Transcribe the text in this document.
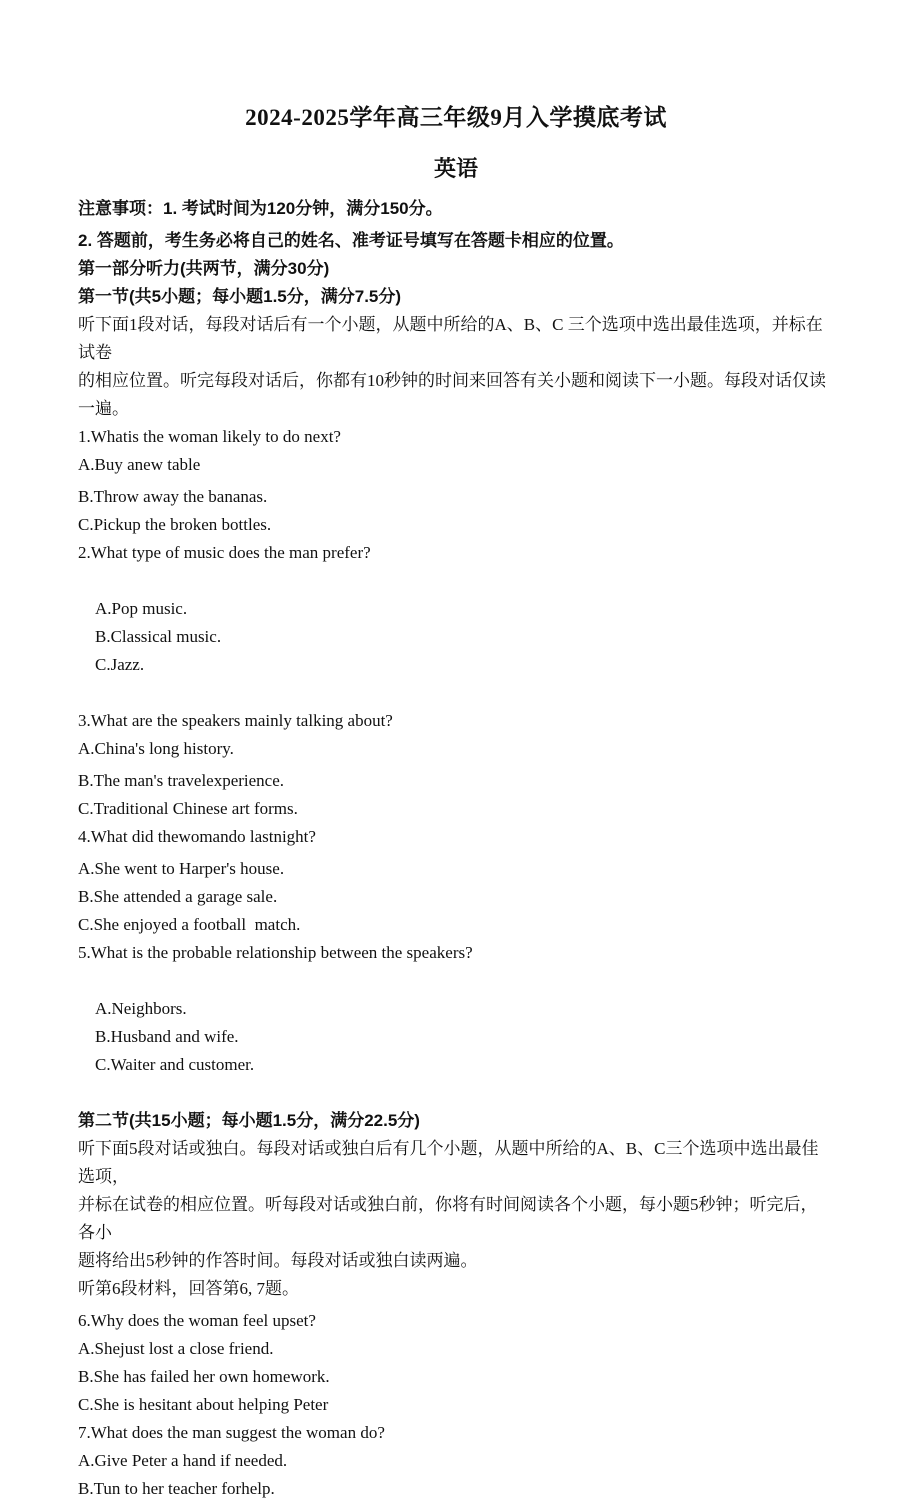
2024-2025学年高三年级9月入学摸底考试
英语
注意事项：1. 考试时间为120分钟，满分150分。
2. 答题前，考生务必将自己的姓名、准考证号填写在答题卡相应的位置。
第一部分听力(共两节，满分30分)
第一节(共5小题；每小题1.5分，满分7.5分)
听下面1段对话，每段对话后有一个小题，从题中所给的A、B、C 三个选项中选出最佳选项，并标在试卷
的相应位置。听完每段对话后，你都有10秒钟的时间来回答有关小题和阅读下一小题。每段对话仅读一遍。
1.Whatis the woman likely to do next?
A.Buy anew table
B.Throw away the bananas.
C.Pickup the broken bottles.
2.What type of music does the man prefer?

A.Pop music.
B.Classical music.
C.Jazz.

3.What are the speakers mainly talking about?
A.China's long history.
B.The man's travelexperience.
C.Traditional Chinese art forms.
4.What did thewomando lastnight?
A.She went to Harper's house.
B.She attended a garage sale.
C.She enjoyed a football  match.
5.What is the probable relationship between the speakers?

A.Neighbors.
B.Husband and wife.
C.Waiter and customer.

第二节(共15小题；每小题1.5分，满分22.5分)
听下面5段对话或独白。每段对话或独白后有几个小题，从题中所给的A、B、C三个选项中选出最佳选项，
并标在试卷的相应位置。听每段对话或独白前，你将有时间阅读各个小题，每小题5秒钟；听完后，各小
题将给出5秒钟的作答时间。每段对话或独白读两遍。
听第6段材料，回答第6, 7题。
6.Why does the woman feel upset?
A.Shejust lost a close friend.
B.She has failed her own homework.
C.She is hesitant about helping Peter
7.What does the man suggest the woman do?
A.Give Peter a hand if needed.
B.Tun to her teacher forhelp.
